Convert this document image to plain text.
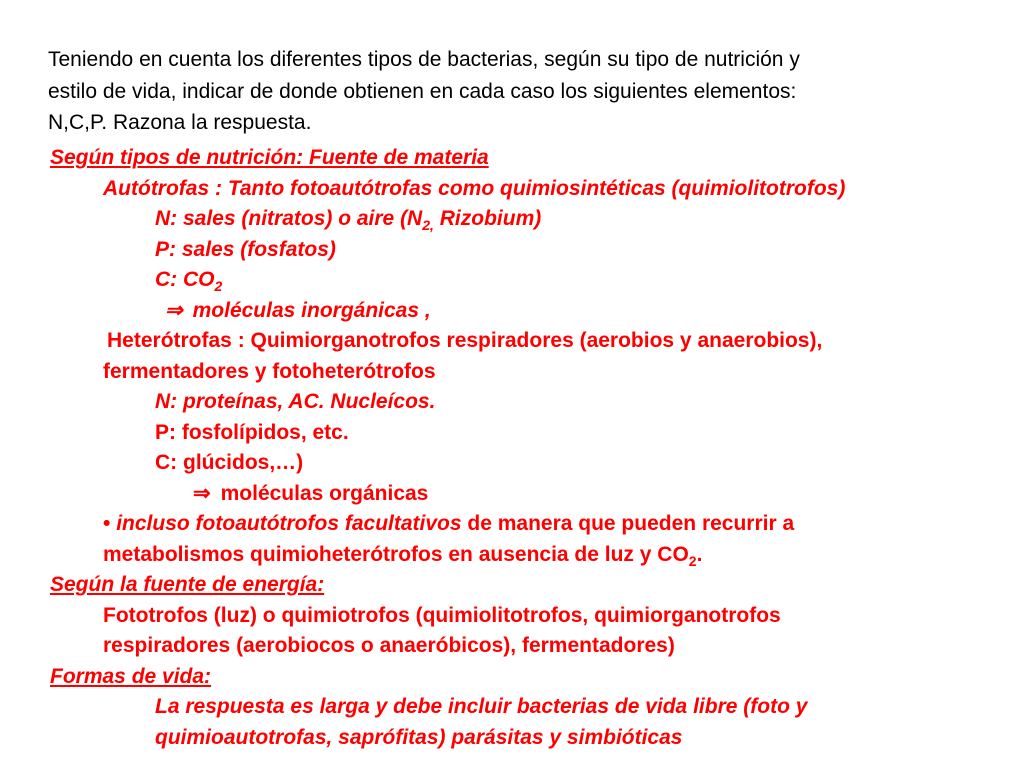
Teniendo en cuenta los diferentes tipos de bacterias, según su tipo de nutrición y
estilo de vida, indicar de donde obtienen en cada caso los siguientes elementos:
N,C,P. Razona la respuesta.
Según tipos de nutrición: Fuente de materia
Autótrofas : Tanto fotoautótrofas como quimiosintéticas (quimiolitotrofos)
N: sales (nitratos) o aire ($N_{2,}$ Rizobium)
P: sales (fosfatos)
C: $CO_2$
⇒ moléculas inorgánicas ,
Heterótrofas : Quimiorganotrofos respiradores (aerobios y anaerobios),
fermentadores y fotoheterótrofos
N: proteínas, AC. Nucleícos.
P: fosfolípidos, etc.
C: glúcidos,…)
⇒ moléculas orgánicas
• incluso fotoautótrofos facultativos de manera que pueden recurrir a
metabolismos quimioheterótrofos en ausencia de luz y $CO_2$.
Según la fuente de energía:
Fototrofos (luz) o quimiotrofos (quimiolitotrofos, quimiorganotrofos
respiradores (aerobiocos o anaeróbicos), fermentadores)
Formas de vida:
La respuesta es larga y debe incluir bacterias de vida libre (foto y
quimioautotrofas, saprófitas) parásitas y simbióticas
